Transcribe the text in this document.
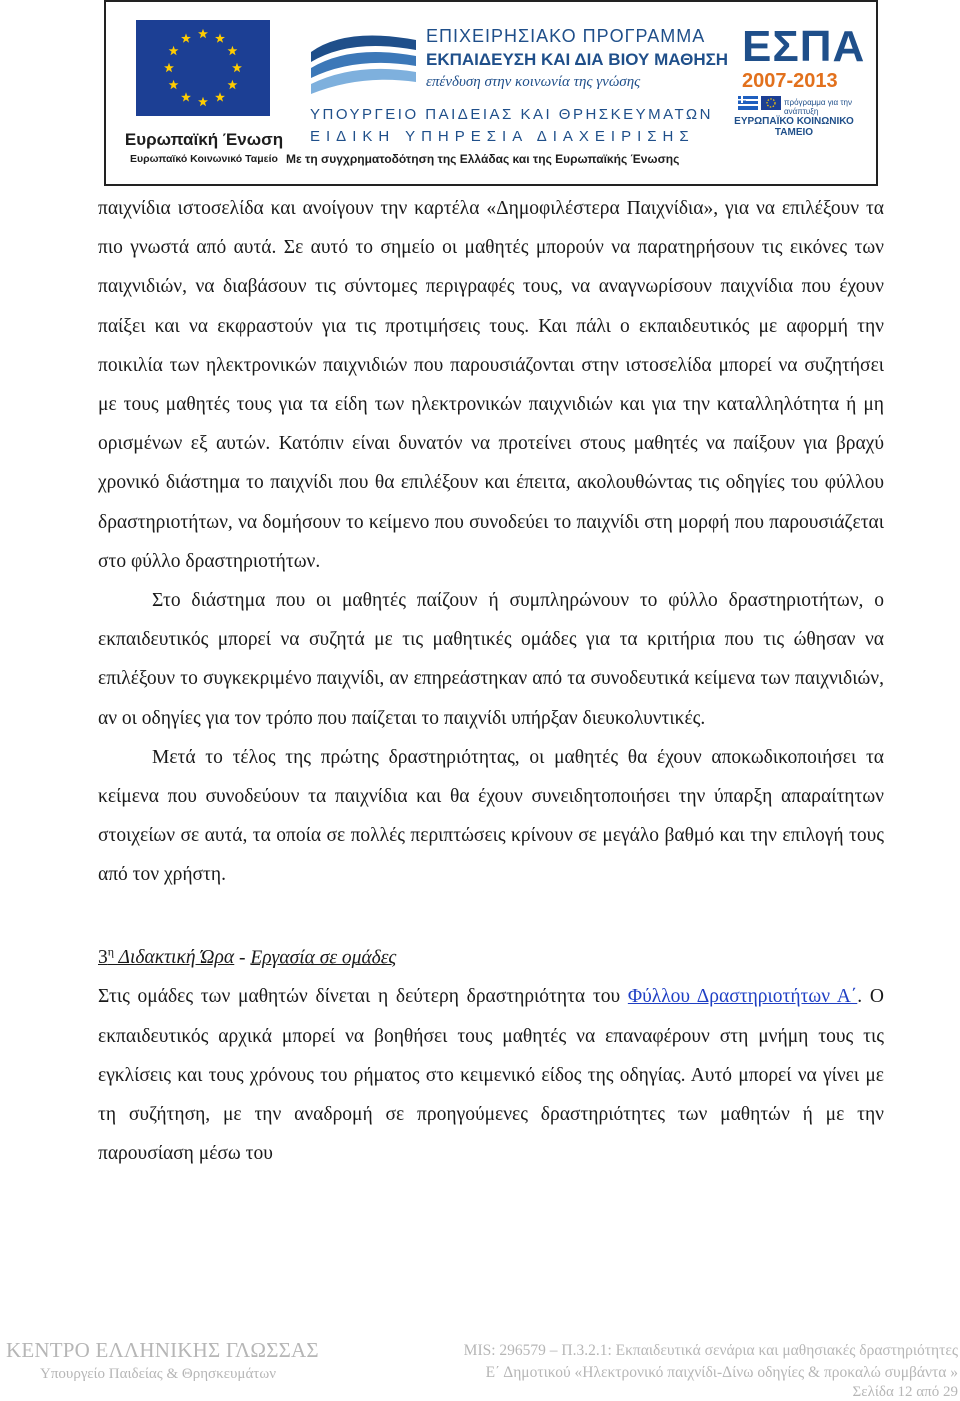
Ευρωπαϊκή Ένωση
Ευρωπαϊκό Κοινωνικό Ταμείο
ΕΠΙΧΕΙΡΗΣΙΑΚΟ ΠΡΟΓΡΑΜΜΑ
ΕΚΠΑΙΔΕΥΣΗ ΚΑΙ ΔΙΑ ΒΙΟΥ ΜΑΘΗΣΗ
επένδυση στην κοινωνία της γνώσης
ΥΠΟΥΡΓΕΙΟ ΠΑΙΔΕΙΑΣ ΚΑΙ ΘΡΗΣΚΕΥΜΑΤΩΝ
ΕΙΔΙΚΗ ΥΠΗΡΕΣΙΑ ΔΙΑΧΕΙΡΙΣΗΣ
Με τη συγχρηματοδότηση της Ελλάδας και της Ευρωπαϊκής Ένωσης
ΕΣΠΑ
2007-2013
πρόγραμμα για την ανάπτυξη
ΕΥΡΩΠΑΪΚΟ ΚΟΙΝΩΝΙΚΟ ΤΑΜΕΙΟ

παιχνίδια ιστοσελίδα και ανοίγουν την καρτέλα «Δημοφιλέστερα Παιχνίδια», για να επιλέξουν τα πιο γνωστά από αυτά. Σε αυτό το σημείο οι μαθητές μπορούν να παρατηρήσουν τις εικόνες των παιχνιδιών, να διαβάσουν τις σύντομες περιγραφές τους, να αναγνωρίσουν παιχνίδια που έχουν παίξει και να εκφραστούν για τις προτιμήσεις τους. Και πάλι ο εκπαιδευτικός με αφορμή την ποικιλία των ηλεκτρονικών παιχνιδιών που παρουσιάζονται στην ιστοσελίδα μπορεί να συζητήσει με τους μαθητές τους για τα είδη των ηλεκτρονικών παιχνιδιών και για την καταλληλότητα ή μη ορισμένων εξ αυτών. Κατόπιν είναι δυνατόν να προτείνει στους μαθητές να παίξουν για βραχύ χρονικό διάστημα το παιχνίδι που θα επιλέξουν και έπειτα, ακολουθώντας τις οδηγίες του φύλλου δραστηριοτήτων, να δομήσουν το κείμενο που συνοδεύει το παιχνίδι στη μορφή που παρουσιάζεται στο φύλλο δραστηριοτήτων.

Στο διάστημα που οι μαθητές παίζουν ή συμπληρώνουν το φύλλο δραστηριοτήτων, ο εκπαιδευτικός μπορεί να συζητά με τις μαθητικές ομάδες για τα κριτήρια που τις ώθησαν να επιλέξουν το συγκεκριμένο παιχνίδι, αν επηρεάστηκαν από τα συνοδευτικά κείμενα των παιχνιδιών, αν οι οδηγίες για τον τρόπο που παίζεται το παιχνίδι υπήρξαν διευκολυντικές.

Μετά το τέλος της πρώτης δραστηριότητας, οι μαθητές θα έχουν αποκωδικοποιήσει τα κείμενα που συνοδεύουν τα παιχνίδια και θα έχουν συνειδητοποιήσει την ύπαρξη απαραίτητων στοιχείων σε αυτά, τα οποία σε πολλές περιπτώσεις κρίνουν σε μεγάλο βαθμό και την επιλογή τους από τον χρήστη.

$3^\eta$ Διδακτική Ώρα - Εργασία σε ομάδες

Στις ομάδες των μαθητών δίνεται η δεύτερη δραστηριότητα του Φύλλου Δραστηριοτήτων Α΄. Ο εκπαιδευτικός αρχικά μπορεί να βοηθήσει τους μαθητές να επαναφέρουν στη μνήμη τους τις εγκλίσεις και τους χρόνους του ρήματος στο κειμενικό είδος της οδηγίας. Αυτό μπορεί να γίνει με τη συζήτηση, με την αναδρομή σε προηγούμενες δραστηριότητες των μαθητών ή με την παρουσίαση μέσω του

ΚΕΝΤΡΟ ΕΛΛΗΝΙΚΗΣ ΓΛΩΣΣΑΣ
Υπουργείο Παιδείας & Θρησκευμάτων
MIS: 296579 – Π.3.2.1: Εκπαιδευτικά σενάρια και μαθησιακές δραστηριότητες
Ε΄ Δημοτικού «Ηλεκτρονικό παιχνίδι-Δίνω οδηγίες & προκαλώ συμβάντα »
Σελίδα 12 από 29
